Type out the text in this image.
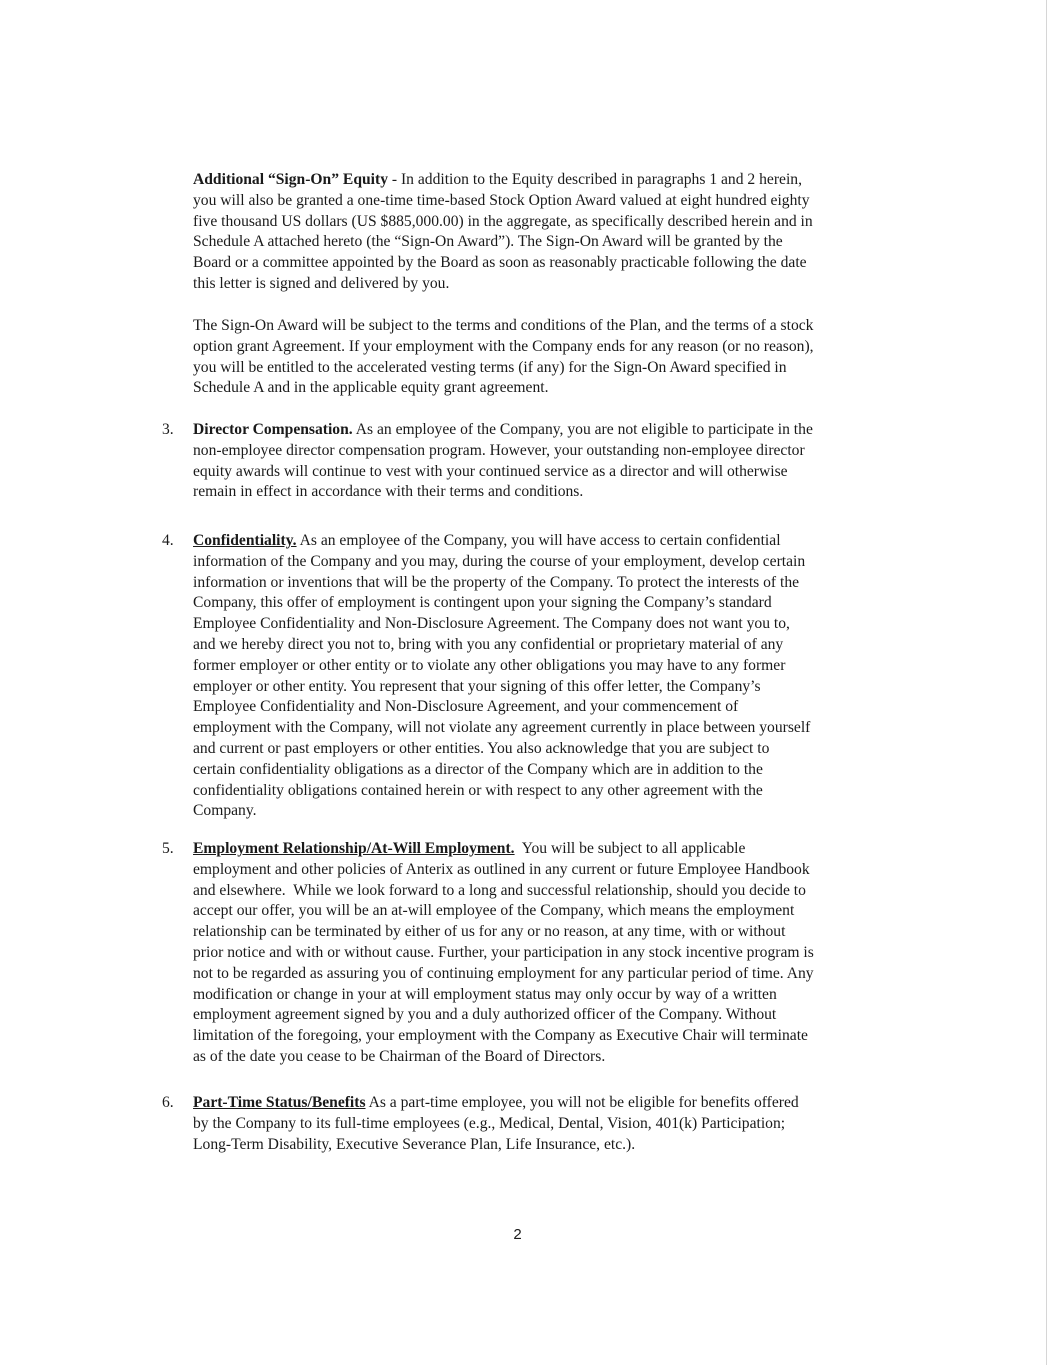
Additional “Sign-On” Equity - In addition to the Equity described in paragraphs 1 and 2 herein,
you will also be granted a one-time time-based Stock Option Award valued at eight hundred eighty
five thousand US dollars (US $885,000.00) in the aggregate, as specifically described herein and in
Schedule A attached hereto (the “Sign-On Award”). The Sign-On Award will be granted by the
Board or a committee appointed by the Board as soon as reasonably practicable following the date
this letter is signed and delivered by you.
The Sign-On Award will be subject to the terms and conditions of the Plan, and the terms of a stock
option grant Agreement. If your employment with the Company ends for any reason (or no reason),
you will be entitled to the accelerated vesting terms (if any) for the Sign-On Award specified in
Schedule A and in the applicable equity grant agreement.
3. Director Compensation. As an employee of the Company, you are not eligible to participate in the
non-employee director compensation program. However, your outstanding non-employee director
equity awards will continue to vest with your continued service as a director and will otherwise
remain in effect in accordance with their terms and conditions.
4. Confidentiality. As an employee of the Company, you will have access to certain confidential
information of the Company and you may, during the course of your employment, develop certain
information or inventions that will be the property of the Company. To protect the interests of the
Company, this offer of employment is contingent upon your signing the Company’s standard
Employee Confidentiality and Non-Disclosure Agreement. The Company does not want you to,
and we hereby direct you not to, bring with you any confidential or proprietary material of any
former employer or other entity or to violate any other obligations you may have to any former
employer or other entity. You represent that your signing of this offer letter, the Company’s
Employee Confidentiality and Non-Disclosure Agreement, and your commencement of
employment with the Company, will not violate any agreement currently in place between yourself
and current or past employers or other entities. You also acknowledge that you are subject to
certain confidentiality obligations as a director of the Company which are in addition to the
confidentiality obligations contained herein or with respect to any other agreement with the
Company.
5. Employment Relationship/At-Will Employment.  You will be subject to all applicable
employment and other policies of Anterix as outlined in any current or future Employee Handbook
and elsewhere.  While we look forward to a long and successful relationship, should you decide to
accept our offer, you will be an at-will employee of the Company, which means the employment
relationship can be terminated by either of us for any or no reason, at any time, with or without
prior notice and with or without cause. Further, your participation in any stock incentive program is
not to be regarded as assuring you of continuing employment for any particular period of time. Any
modification or change in your at will employment status may only occur by way of a written
employment agreement signed by you and a duly authorized officer of the Company. Without
limitation of the foregoing, your employment with the Company as Executive Chair will terminate
as of the date you cease to be Chairman of the Board of Directors.
6. Part-Time Status/Benefits As a part-time employee, you will not be eligible for benefits offered
by the Company to its full-time employees (e.g., Medical, Dental, Vision, 401(k) Participation;
Long-Term Disability, Executive Severance Plan, Life Insurance, etc.).
2
